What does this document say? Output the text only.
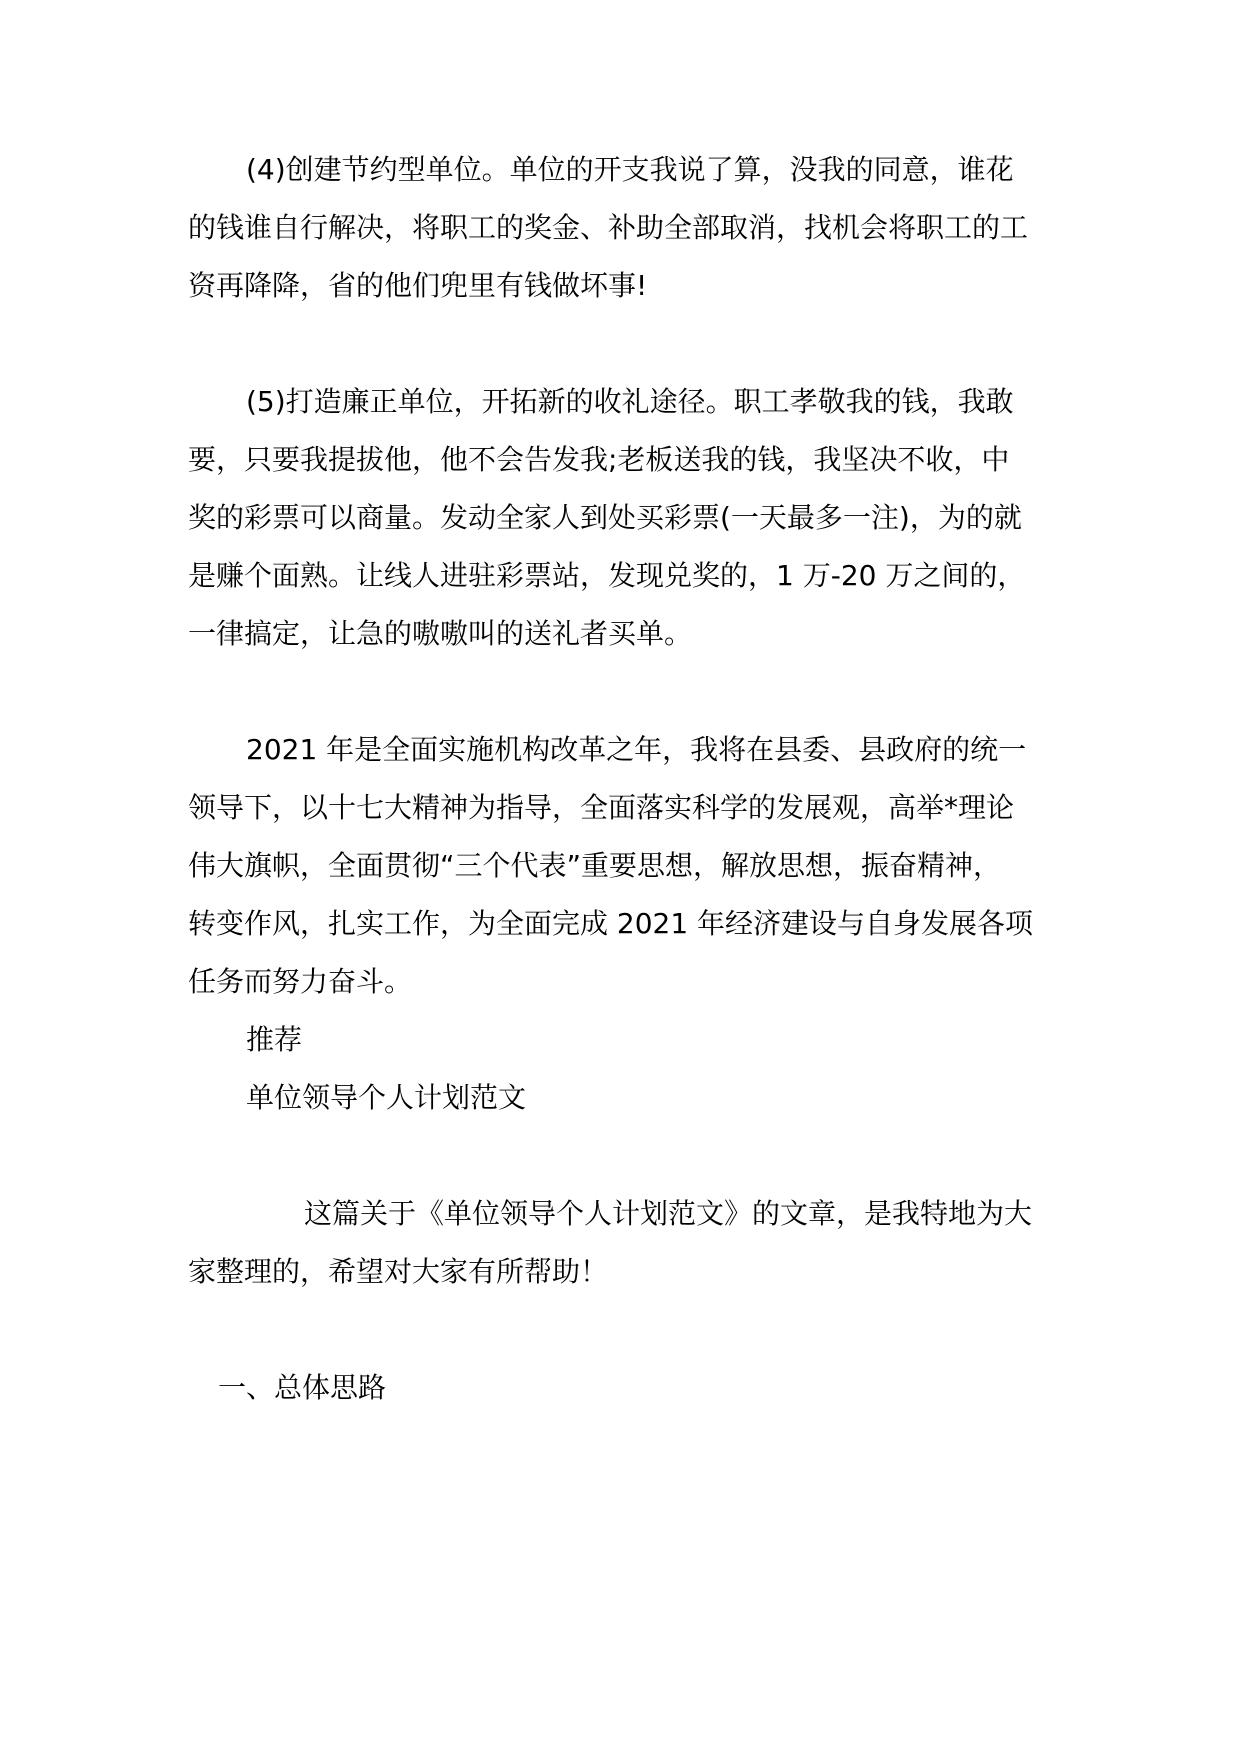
(4)创建节约型单位。单位的开支我说了算，没我的同意，谁花
的钱谁自行解决，将职工的奖金、补助全部取消，找机会将职工的工
资再降降，省的他们兜里有钱做坏事!
(5)打造廉正单位，开拓新的收礼途径。职工孝敬我的钱，我敢
要，只要我提拔他，他不会告发我;老板送我的钱，我坚决不收，中
奖的彩票可以商量。发动全家人到处买彩票(一天最多一注)，为的就
是赚个面熟。让线人进驻彩票站，发现兑奖的，1 万-20 万之间的，
一律搞定，让急的嗷嗷叫的送礼者买单。
2021 年是全面实施机构改革之年，我将在县委、县政府的统一
领导下，以十七大精神为指导，全面落实科学的发展观，高举*理论
伟大旗帜，全面贯彻“三个代表”重要思想，解放思想，振奋精神，
转变作风，扎实工作，为全面完成 2021 年经济建设与自身发展各项
任务而努力奋斗。
推荐
单位领导个人计划范文
这篇关于《单位领导个人计划范文》的文章，是我特地为大
家整理的，希望对大家有所帮助！
一、总体思路
